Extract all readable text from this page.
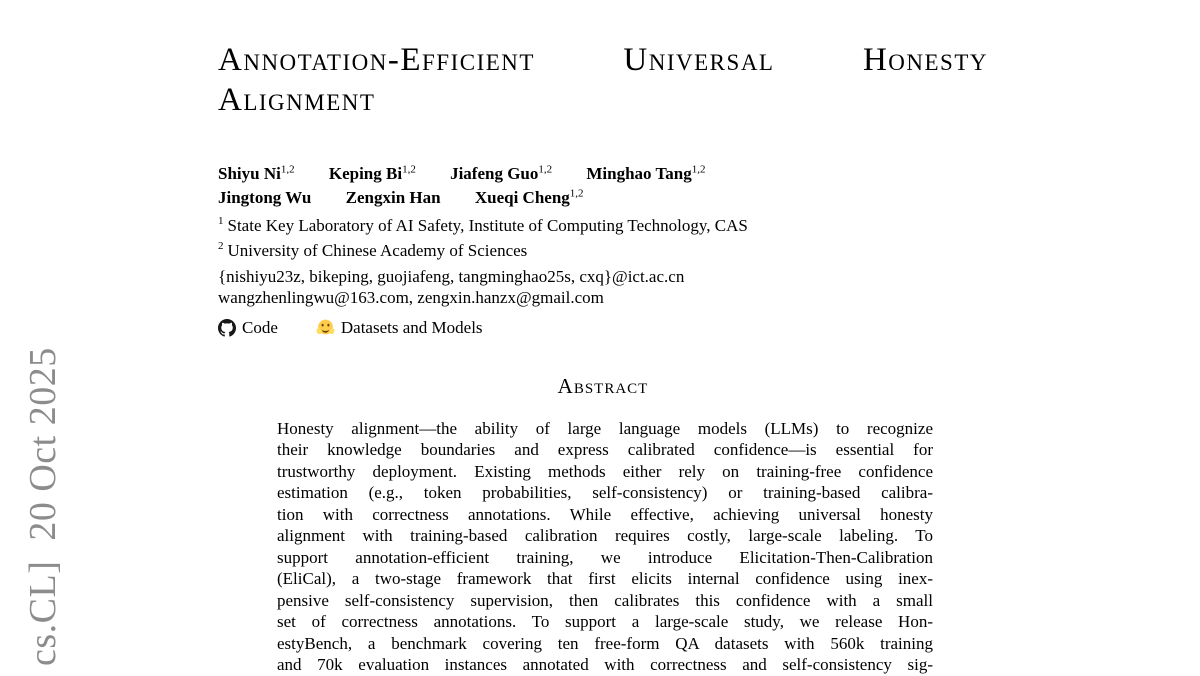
cs.CL]  20 Oct 2025
Annotation-Efficient	Universal	Honesty
Alignment
Shiyu Ni$^{1,2}$ Keping Bi$^{1,2}$ Jiafeng Guo$^{1,2}$ Minghao Tang$^{1,2}$
Jingtong Wu Zengxin Han Xueqi Cheng$^{1,2}$
$^1$ State Key Laboratory of AI Safety, Institute of Computing Technology, CAS
$^2$ University of Chinese Academy of Sciences
{nishiyu23z, bikeping, guojiafeng, tangminghao25s, cxq}@ict.ac.cn
wangzhenlingwu@163.com, zengxin.hanzx@gmail.com
Code	Datasets and Models
Abstract
Honesty alignment—the ability of large language models (LLMs) to recognize
their knowledge boundaries and express calibrated confidence—is essential for
trustworthy deployment. Existing methods either rely on training-free confidence
estimation (e.g., token probabilities, self-consistency) or training-based calibra-
tion with correctness annotations. While effective, achieving universal honesty
alignment with training-based calibration requires costly, large-scale labeling. To
support annotation-efficient training, we introduce Elicitation-Then-Calibration
(EliCal), a two-stage framework that first elicits internal confidence using inex-
pensive self-consistency supervision, then calibrates this confidence with a small
set of correctness annotations. To support a large-scale study, we release Hon-
estyBench, a benchmark covering ten free-form QA datasets with 560k training
and 70k evaluation instances annotated with correctness and self-consistency sig-
